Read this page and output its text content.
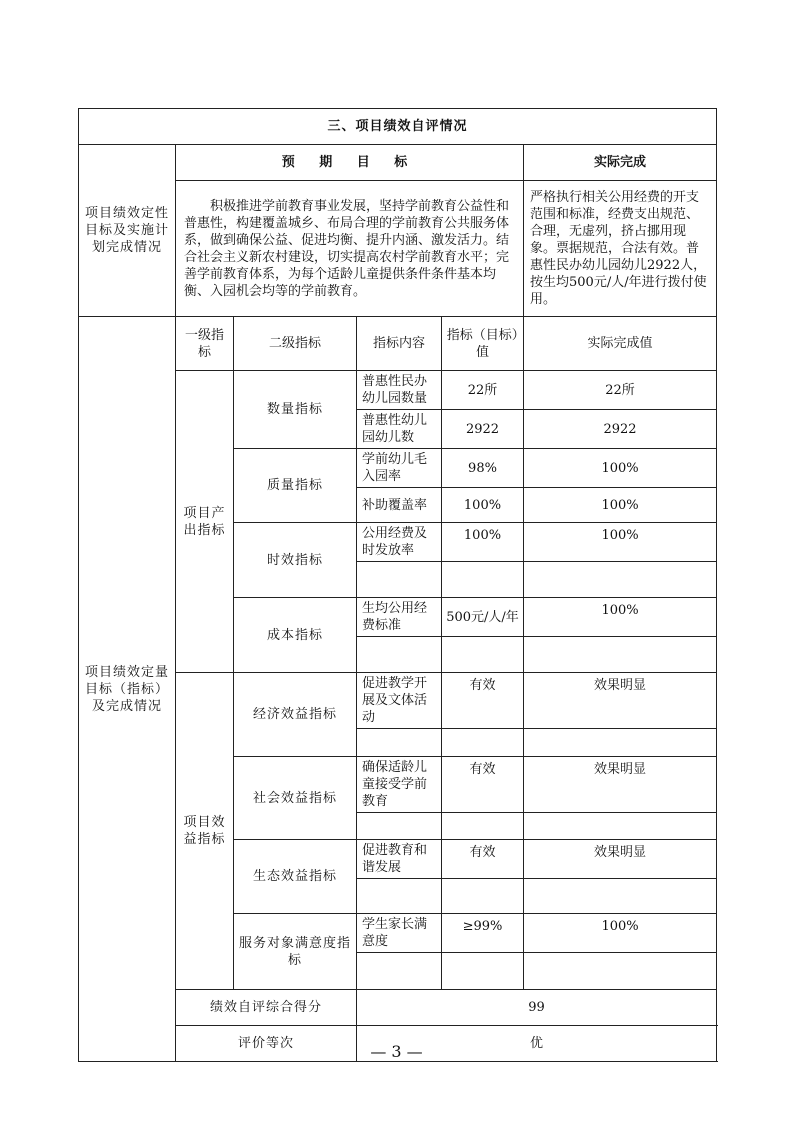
三、项目绩效自评情况					
项目绩效定性目标及实施计划完成情况	预 期 目 标				实际完成
	积极推进学前教育事业发展，坚持学前教育公益性和普惠性，构建覆盖城乡、布局合理的学前教育公共服务体系，做到确保公益、促进均衡、提升内涵、激发活力。结合社会主义新农村建设，切实提高农村学前教育水平；完善学前教育体系，为每个适龄儿童提供条件条件基本均衡、入园机会均等的学前教育。				严格执行相关公用经费的开支范围和标准，经费支出规范、合理，无虚列，挤占挪用现象。票据规范，合法有效。普惠性民办幼儿园幼儿2922人，按生均500元/人/年进行拨付使用。
项目绩效定量目标（指标）及完成情况	一级指标	二级指标	指标内容	指标（目标）值	实际完成值
	项目产出指标	数量指标	普惠性民办幼儿园数量	22所	22所
			普惠性幼儿园幼儿数	2922	2922
		质量指标	学前幼儿毛入园率	98%	100%
			补助覆盖率	100%	100%
		时效指标	公用经费及时发放率	100%	100%

		成本指标	生均公用经费标准	500元/人/年	100%

	项目效益指标	经济效益指标	促进教学开展及文体活动	有效	效果明显

		社会效益指标	确保适龄儿童接受学前教育	有效	效果明显

		生态效益指标	促进教育和谐发展	有效	效果明显

		服务对象满意度指标	学生家长满意度	≥99%	100%

	绩效自评综合得分		99		
	评价等次		优		
— 3 —
